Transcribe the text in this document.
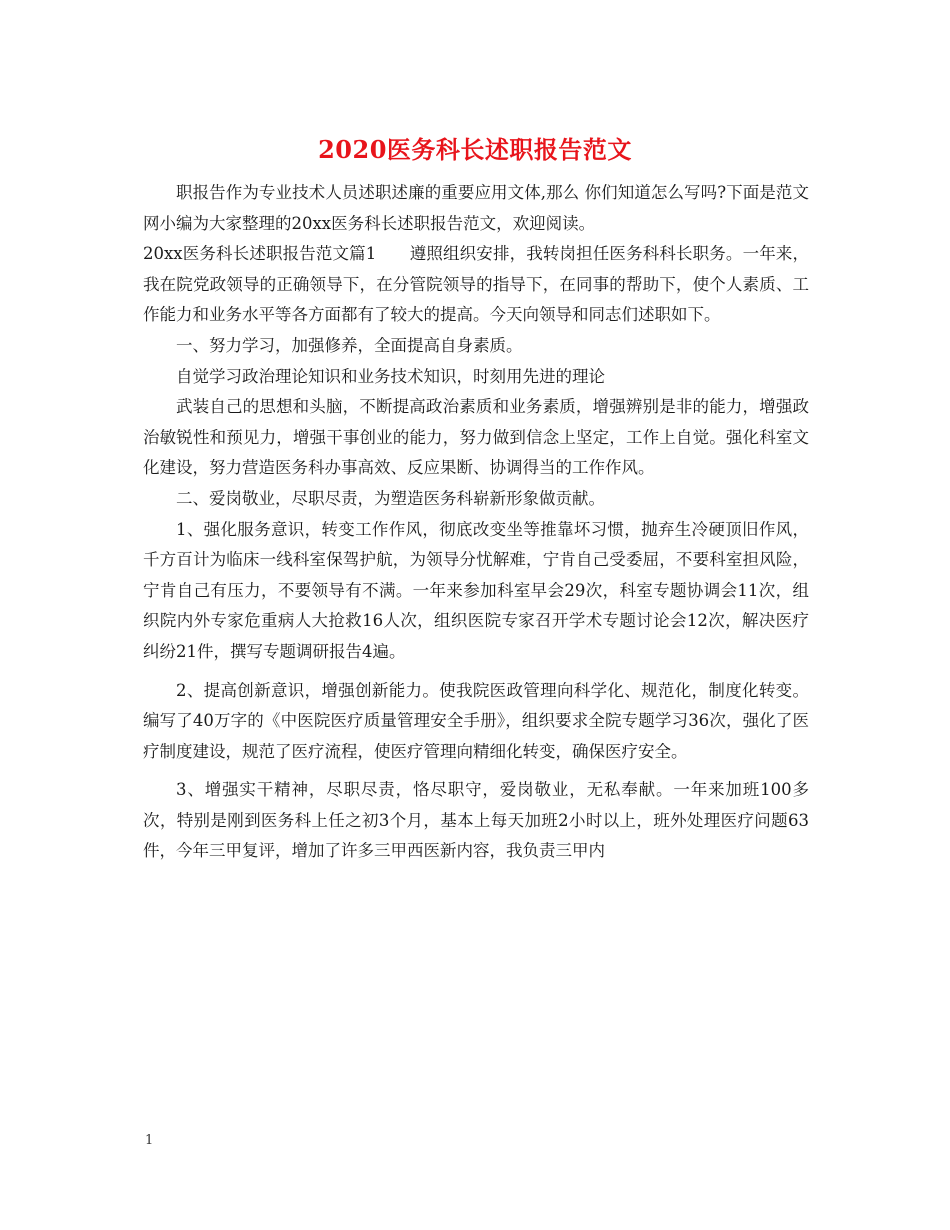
2020医务科长述职报告范文

职报告作为专业技术人员述职述廉的重要应用文体,那么 你们知道怎么写吗?下面是范文网小编为大家整理的20xx医务科长述职报告范文，欢迎阅读。

20xx医务科长述职报告范文篇1　　遵照组织安排，我转岗担任医务科科长职务。一年来，我在院党政领导的正确领导下，在分管院领导的指导下，在同事的帮助下，使个人素质、工作能力和业务水平等各方面都有了较大的提高。今天向领导和同志们述职如下。

一、努力学习，加强修养，全面提高自身素质。

自觉学习政治理论知识和业务技术知识，时刻用先进的理论

武装自己的思想和头脑，不断提高政治素质和业务素质，增强辨别是非的能力，增强政治敏锐性和预见力，增强干事创业的能力，努力做到信念上坚定，工作上自觉。强化科室文化建设，努力营造医务科办事高效、反应果断、协调得当的工作作风。

二、爱岗敬业，尽职尽责，为塑造医务科崭新形象做贡献。

1、强化服务意识，转变工作作风，彻底改变坐等推靠坏习惯，抛弃生冷硬顶旧作风，千方百计为临床一线科室保驾护航，为领导分忧解难，宁肯自己受委屈，不要科室担风险，宁肯自己有压力，不要领导有不满。一年来参加科室早会29次，科室专题协调会11次，组织院内外专家危重病人大抢救16人次，组织医院专家召开学术专题讨论会12次，解决医疗纠纷21件，撰写专题调研报告4遍。

2、提高创新意识，增强创新能力。使我院医政管理向科学化、规范化，制度化转变。编写了40万字的《中医院医疗质量管理安全手册》，组织要求全院专题学习36次，强化了医疗制度建设，规范了医疗流程，使医疗管理向精细化转变，确保医疗安全。

3、增强实干精神，尽职尽责，恪尽职守，爱岗敬业，无私奉献。一年来加班100多次，特别是刚到医务科上任之初3个月，基本上每天加班2小时以上，班外处理医疗问题63件，今年三甲复评，增加了许多三甲西医新内容，我负责三甲内

1
